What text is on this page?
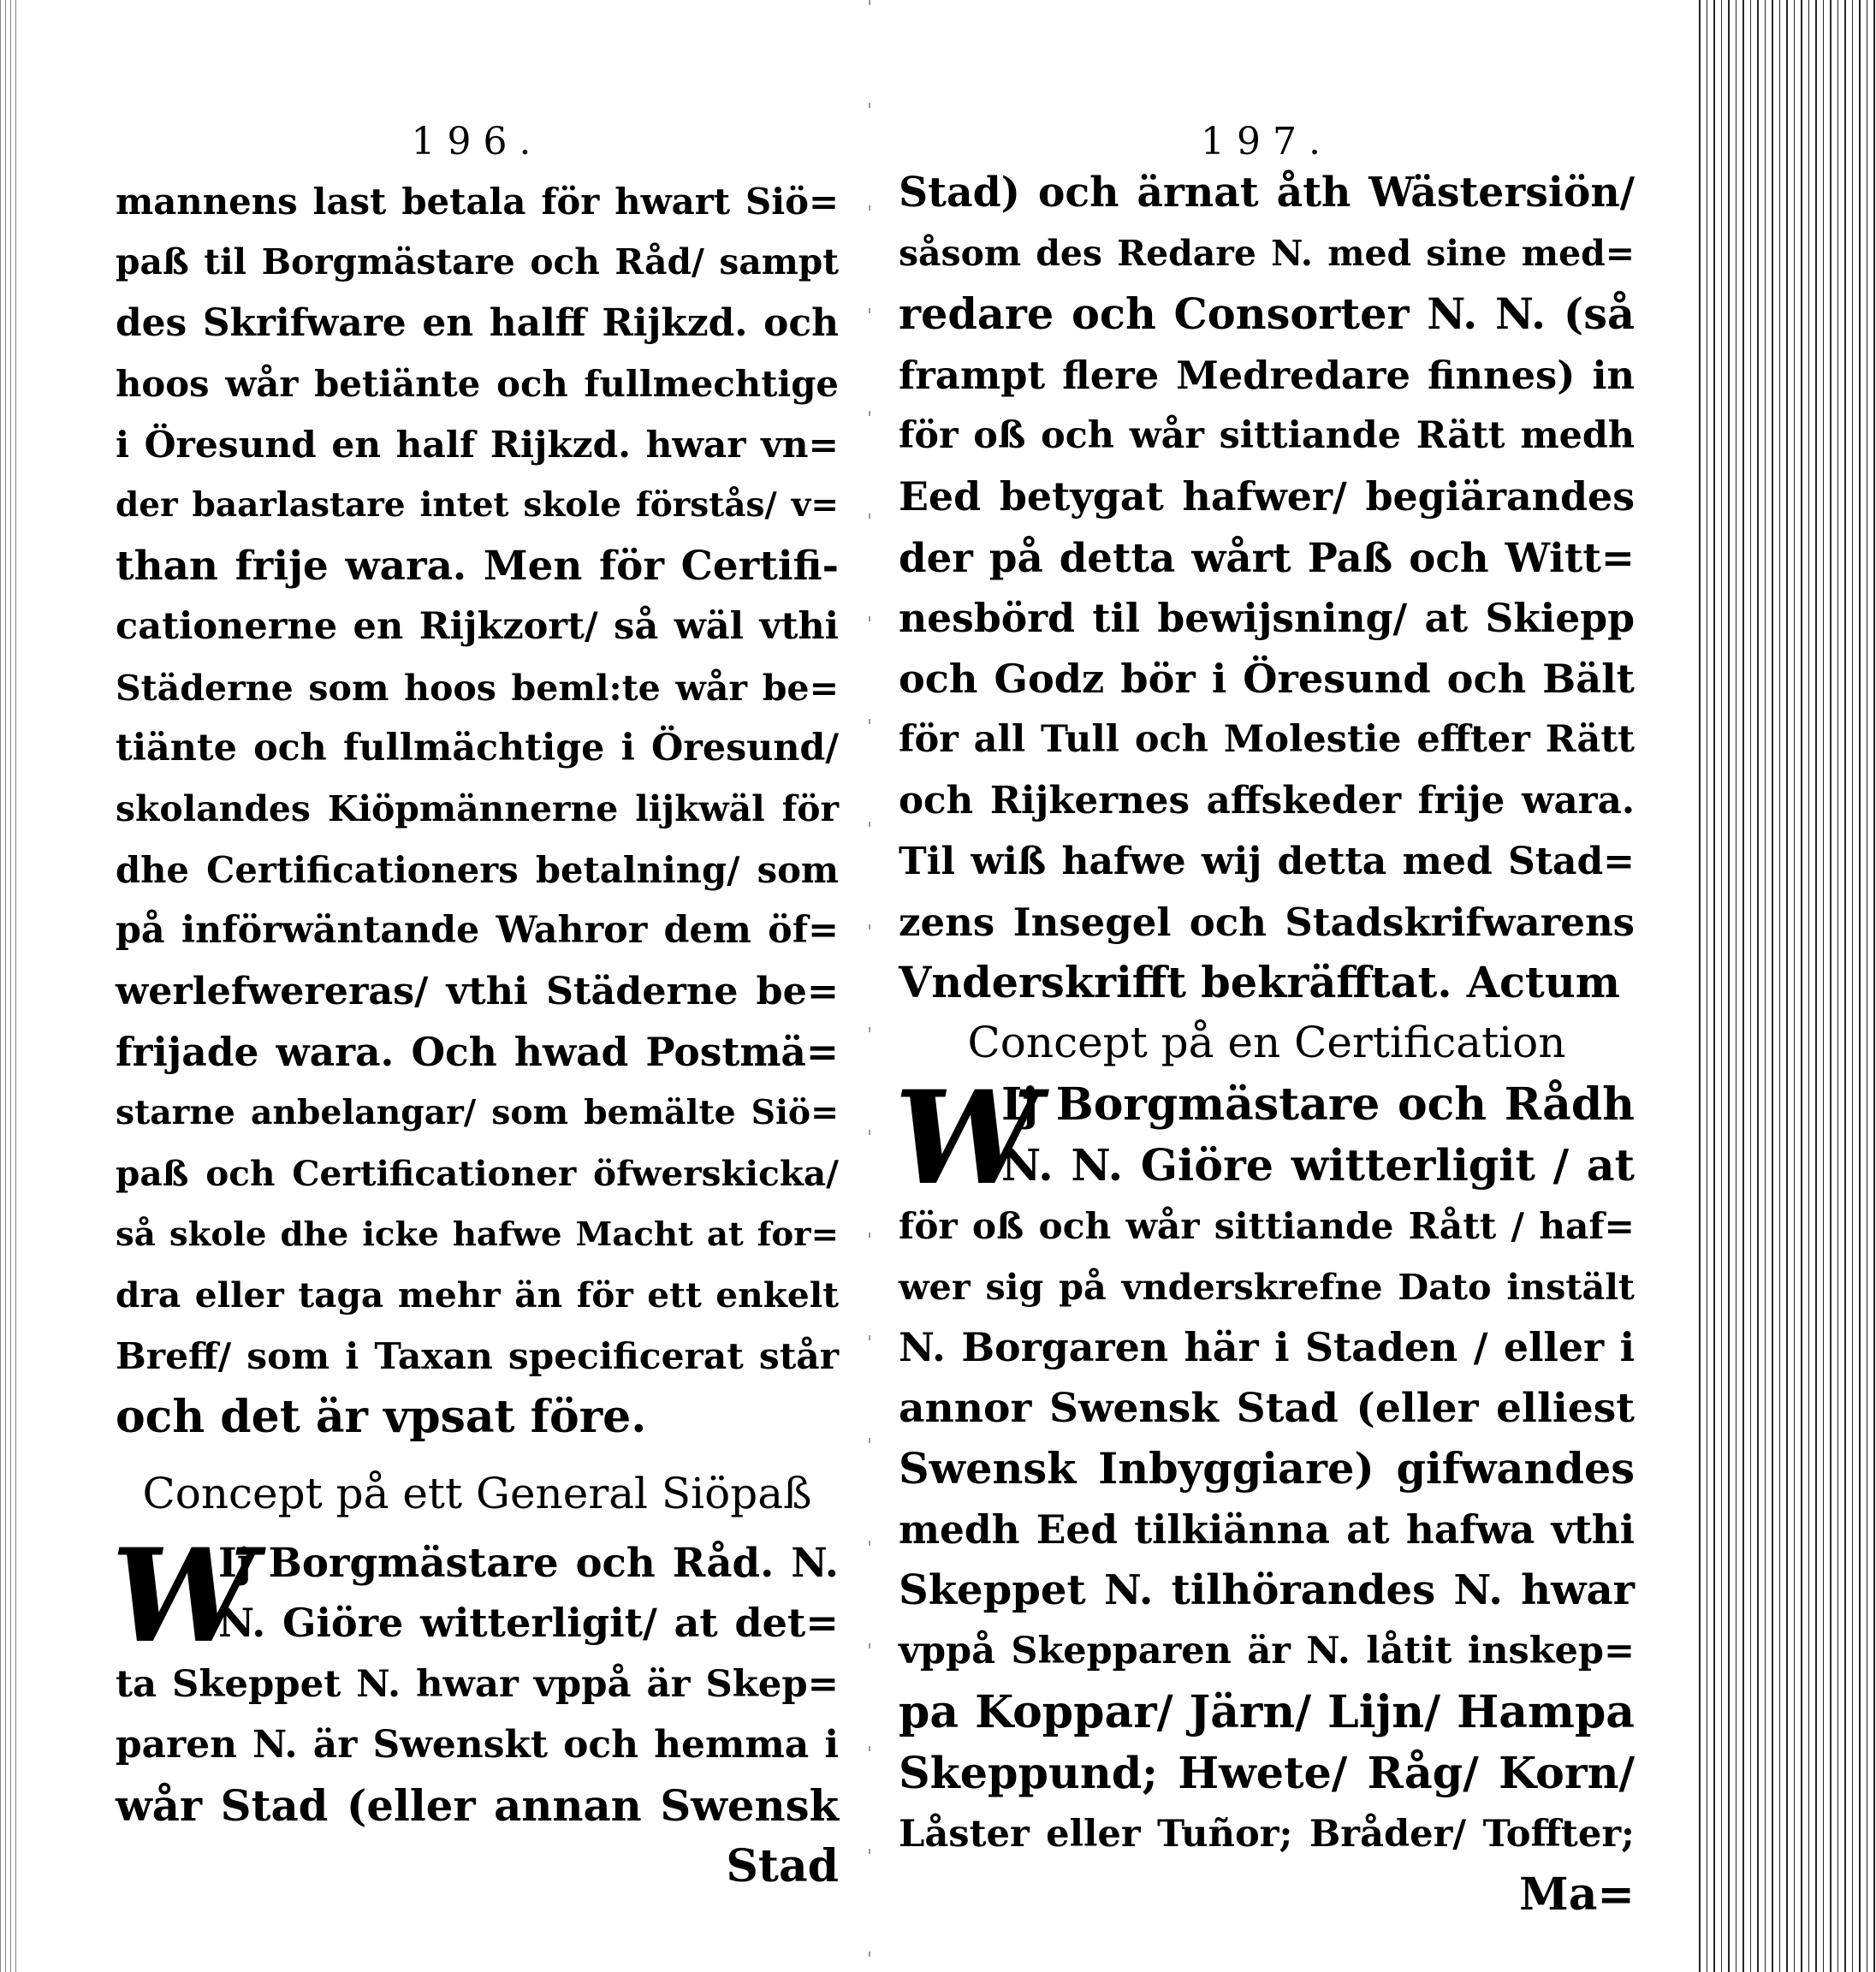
196.
mannens last betala för hwart Siö=
paß til Borgmästare och Råd/ sampt
des Skrifware en halff Rijkzd. och
hoos wår betiänte och fullmechtige
i Öresund en half Rijkzd. hwar vn=
der baarlastare intet skole förstås/ v=
than frije wara. Men för Certifi-
cationerne en Rijkzort/ så wäl vthi
Städerne som hoos beml:te wår be=
tiänte och fullmächtige i Öresund/
skolandes Kiöpmännerne lijkwäl för
dhe Certificationers betalning/ som
på införwäntande Wahror dem öf=
werlefwereras/ vthi Städerne be=
frijade wara. Och hwad Postmä=
starne anbelangar/ som bemälte Siö=
paß och Certificationer öfwerskicka/
så skole dhe icke hafwe Macht at for=
dra eller taga mehr än för ett enkelt
Breff/ som i Taxan specificerat står
och det är vpsat före.
Concept på ett General Siöpaß
W
Ij Borgmästare och Råd. N.
N. Giöre witterligit/ at det=
ta Skeppet N. hwar vppå är Skep=
paren N. är Swenskt och hemma i
wår Stad (eller annan Swensk
Stad
197.
Stad) och ärnat åth Wästersiön/
såsom des Redare N. med sine med=
redare och Consorter N. N. (så
frampt flere Medredare finnes) in
för oß och wår sittiande Rätt medh
Eed betygat hafwer/ begiärandes
der på detta wårt Paß och Witt=
nesbörd til bewijsning/ at Skiepp
och Godz bör i Öresund och Bält
för all Tull och Molestie effter Rätt
och Rijkernes affskeder frije wara.
Til wiß hafwe wij detta med Stad=
zens Insegel och Stadskrifwarens
Vnderskrifft bekräfftat. Actum
Concept på en Certification
W
Ij Borgmästare och Rådh
N. N. Giöre witterligit / at
för oß och wår sittiande Rått / haf=
wer sig på vnderskrefne Dato instält
N. Borgaren här i Staden / eller i
annor Swensk Stad (eller elliest
Swensk Inbyggiare) gifwandes
medh Eed tilkiänna at hafwa vthi
Skeppet N. tilhörandes N. hwar
vppå Skepparen är N. låtit inskep=
pa Koppar/ Järn/ Lijn/ Hampa
Skeppund; Hwete/ Råg/ Korn/
Låster eller Tuñor; Bråder/ Toffter;
Ma=
